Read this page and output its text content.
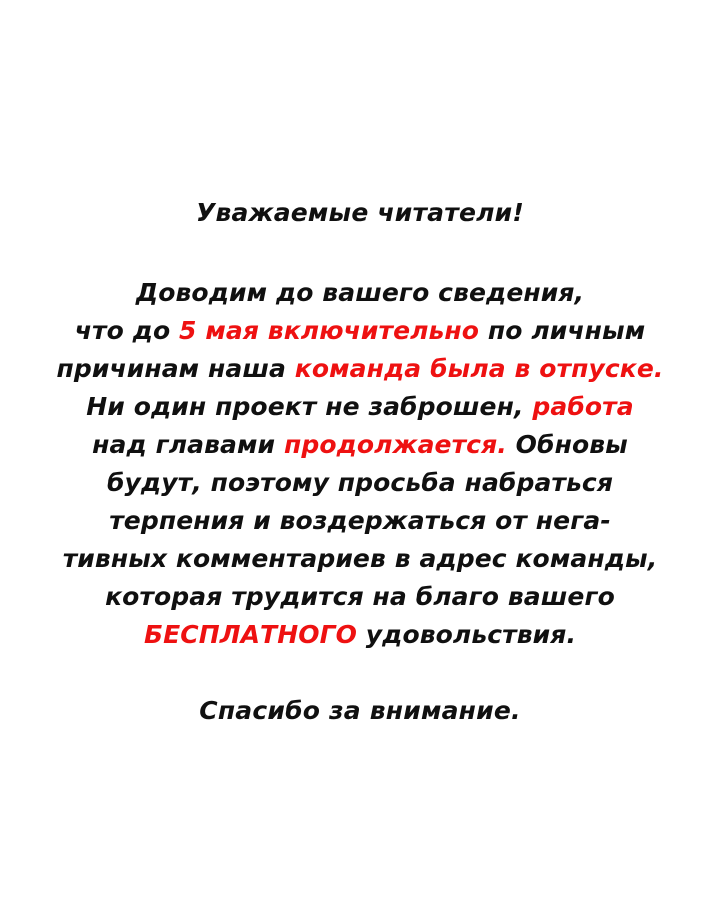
Уважаемые читатели!

Доводим до вашего сведения,
что до 5 мая включительно по личным
причинам наша команда была в отпуске.
Ни один проект не заброшен, работа
над главами продолжается. Обновы
будут, поэтому просьба набраться
терпения и воздержаться от нега-
тивных комментариев в адрес команды,
которая трудится на благо вашего
БЕСПЛАТНОГО удовольствия.

Спасибо за внимание.
